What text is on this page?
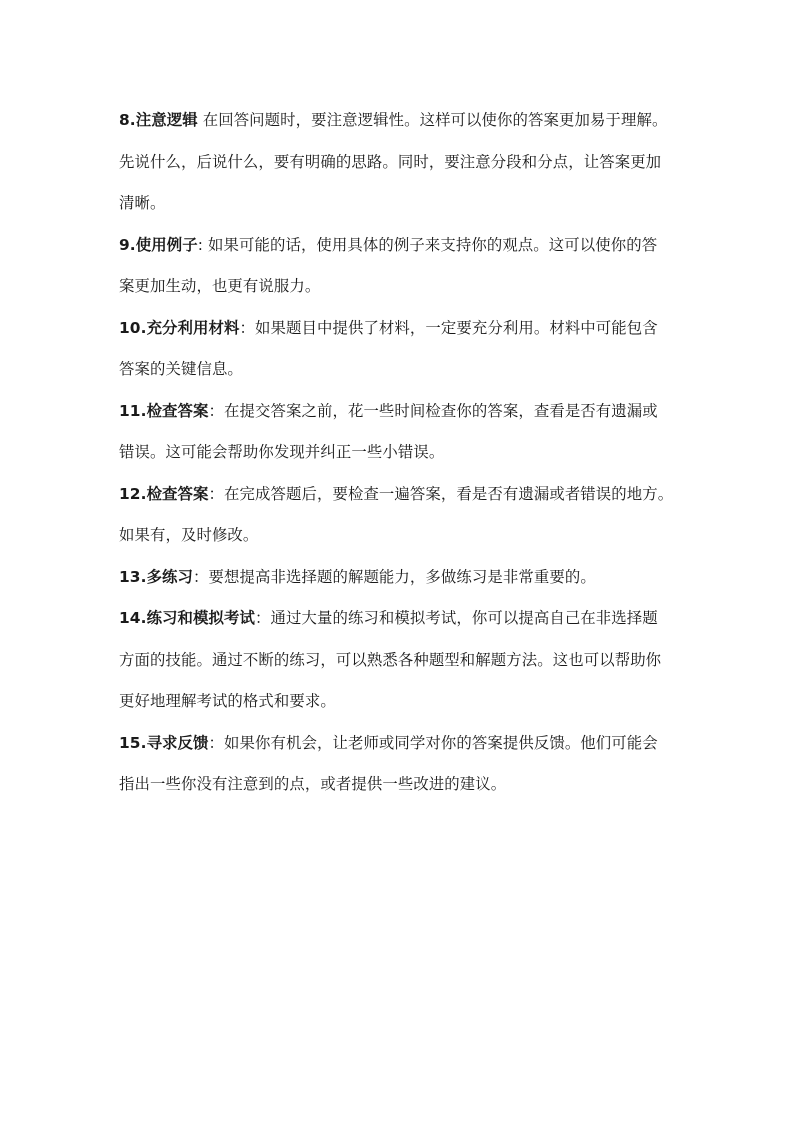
8.注意逻辑 在回答问题时，要注意逻辑性。这样可以使你的答案更加易于理解。
先说什么，后说什么，要有明确的思路。同时，要注意分段和分点，让答案更加
清晰。
9.使用例子: 如果可能的话，使用具体的例子来支持你的观点。这可以使你的答
案更加生动，也更有说服力。
10.充分利用材料：如果题目中提供了材料，一定要充分利用。材料中可能包含
答案的关键信息。
11.检查答案：在提交答案之前，花一些时间检查你的答案，查看是否有遗漏或
错误。这可能会帮助你发现并纠正一些小错误。
12.检查答案：在完成答题后，要检查一遍答案，看是否有遗漏或者错误的地方。
如果有，及时修改。
13.多练习：要想提高非选择题的解题能力，多做练习是非常重要的。
14.练习和模拟考试：通过大量的练习和模拟考试，你可以提高自己在非选择题
方面的技能。通过不断的练习，可以熟悉各种题型和解题方法。这也可以帮助你
更好地理解考试的格式和要求。
15.寻求反馈：如果你有机会，让老师或同学对你的答案提供反馈。他们可能会
指出一些你没有注意到的点，或者提供一些改进的建议。
